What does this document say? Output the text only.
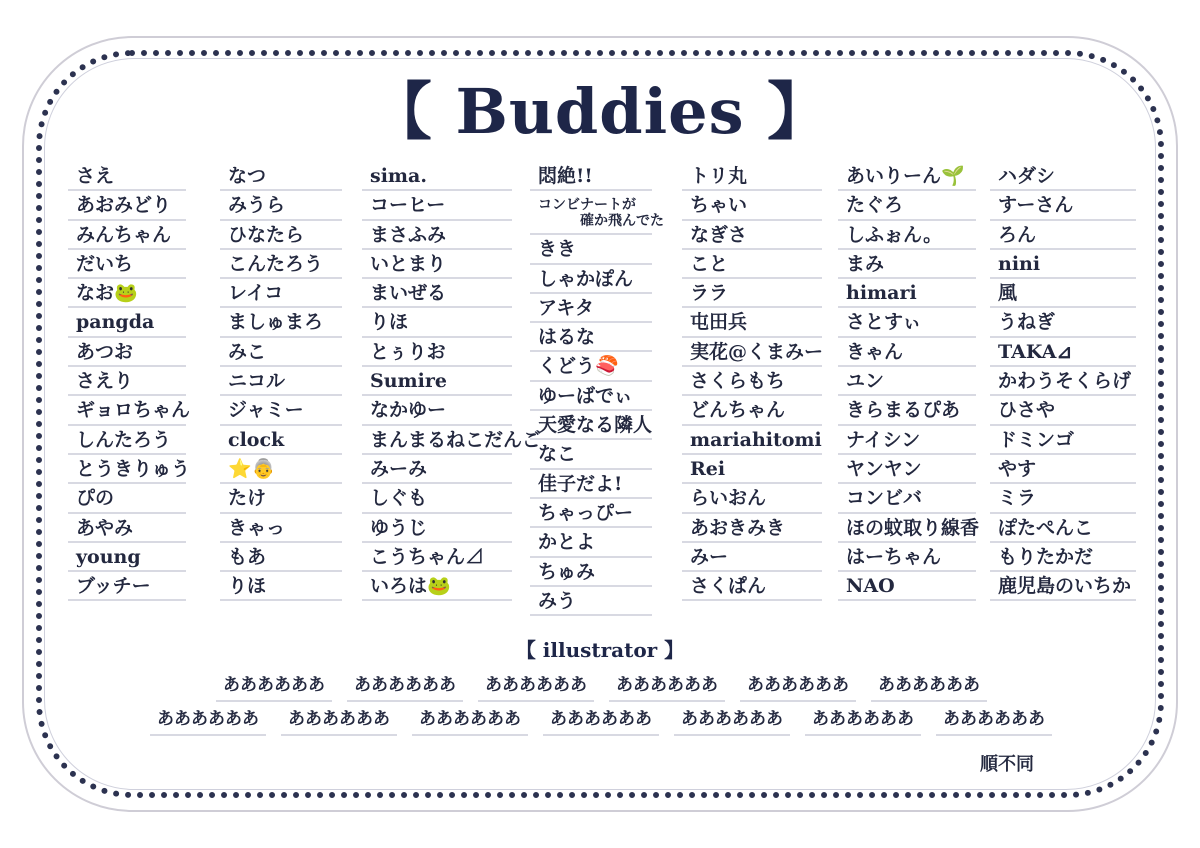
【 Buddies 】
さえ
あおみどり
みんちゃん
だいち
なお🐸
pangda
あつお
さえり
ギョロちゃん
しんたろう
とうきりゅう
ぴの
あやみ
young
ブッチー
なつ
みうら
ひなたら
こんたろう
レイコ
ましゅまろ
みこ
ニコル
ジャミー
clock
⭐👵
たけ
きゃっ
もあ
りほ
sima.
コーヒー
まさふみ
いとまり
まいぜる
りほ
とぅりお
Sumire
なかゆー
まんまるねこだんご
みーみ
しぐも
ゆうじ
こうちゃん⊿
いろは🐸
悶絶!!
コンビナートが
確か飛んでた
きき
しゃかぽん
アキタ
はるな
くどう🍣
ゆーばでぃ
天愛なる隣人
なこ
佳子だよ!
ちゃっぴー
かとよ
ちゅみ
みう
トリ丸
ちゃい
なぎさ
こと
ララ
屯田兵
実花@くまみー
さくらもち
どんちゃん
mariahitomi
Rei
らいおん
あおきみき
みー
さくぱん
あいりーん🌱
たぐろ
しふぉん。
まみ
himari
さとすぃ
きゃん
ユン
きらまるぴあ
ナイシン
ヤンヤン
コンビバ
ほの蚊取り線香
はーちゃん
NAO
ハダシ
すーさん
ろん
nini
風
うねぎ
TAKA⊿
かわうそくらげ
ひさや
ドミンゴ
やす
ミラ
ぽたぺんこ
もりたかだ
鹿児島のいちか
【 illustrator 】
順不同
ああああああ	ああああああ	ああああああ	ああああああ	ああああああ	ああああああ
ああああああ	ああああああ	ああああああ	ああああああ	ああああああ	ああああああ	ああああああ
